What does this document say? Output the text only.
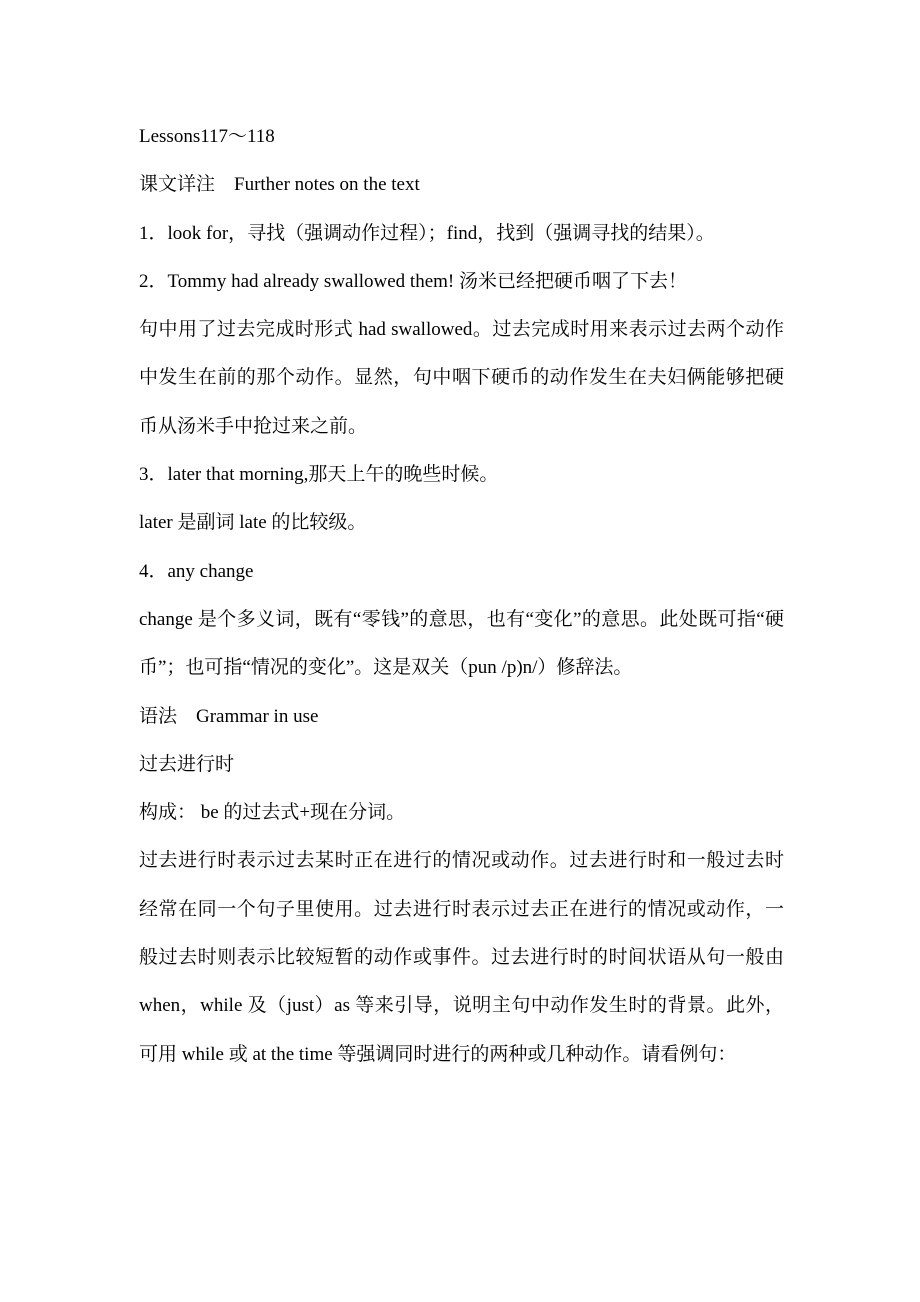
Lessons117～118
课文详注　Further notes on the text
1．look for，寻找（强调动作过程）；find，找到（强调寻找的结果）。
2．Tommy had already swallowed them! 汤米已经把硬币咽了下去！

句中用了过去完成时形式 had swallowed。过去完成时用来表示过去两个动作中发生在前的那个动作。显然，句中咽下硬币的动作发生在夫妇俩能够把硬币从汤米手中抢过来之前。

3．later that morning,那天上午的晚些时候。
later 是副词 late 的比较级。
4．any change

change 是个多义词，既有“零钱”的意思，也有“变化”的意思。此处既可指“硬币”；也可指“情况的变化”。这是双关（pun /p)n/）修辞法。

语法　Grammar in use
过去进行时
构成： be 的过去式+现在分词。

过去进行时表示过去某时正在进行的情况或动作。过去进行时和一般过去时经常在同一个句子里使用。过去进行时表示过去正在进行的情况或动作，一般过去时则表示比较短暂的动作或事件。过去进行时的时间状语从句一般由 when，while 及（just）as 等来引导，说明主句中动作发生时的背景。此外，可用 while 或 at the time 等强调同时进行的两种或几种动作。请看例句：
